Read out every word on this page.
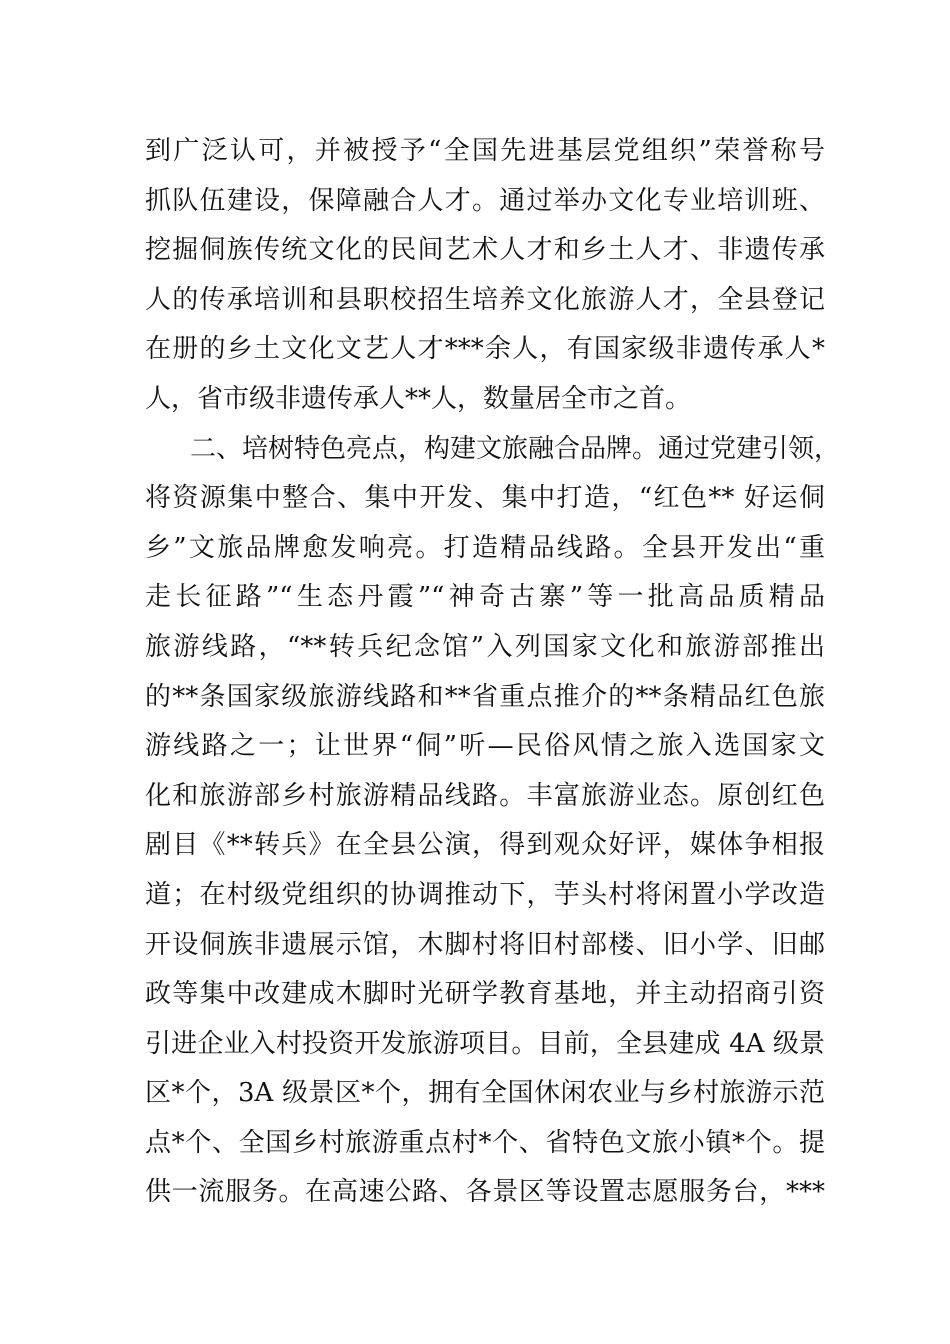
到广泛认可，并被授予“全国先进基层党组织”荣誉称号
抓队伍建设，保障融合人才。通过举办文化专业培训班、
挖掘侗族传统文化的民间艺术人才和乡土人才、非遗传承
人的传承培训和县职校招生培养文化旅游人才，全县登记
在册的乡土文化文艺人才***余人，有国家级非遗传承人*
人，省市级非遗传承人**人，数量居全市之首。
二、培树特色亮点，构建文旅融合品牌。通过党建引领，
将资源集中整合、集中开发、集中打造，“红色** 好运侗
乡”文旅品牌愈发响亮。打造精品线路。全县开发出“重
走长征路”“生态丹霞”“神奇古寨”等一批高品质精品
旅游线路，“**转兵纪念馆”入列国家文化和旅游部推出
的**条国家级旅游线路和**省重点推介的**条精品红色旅
游线路之一；让世界“侗”听—民俗风情之旅入选国家文
化和旅游部乡村旅游精品线路。丰富旅游业态。原创红色
剧目《**转兵》在全县公演，得到观众好评，媒体争相报
道；在村级党组织的协调推动下，芋头村将闲置小学改造
开设侗族非遗展示馆，木脚村将旧村部楼、旧小学、旧邮
政等集中改建成木脚时光研学教育基地，并主动招商引资
引进企业入村投资开发旅游项目。目前，全县建成 4A 级景
区*个，3A 级景区*个，拥有全国休闲农业与乡村旅游示范
点*个、全国乡村旅游重点村*个、省特色文旅小镇*个。提
供一流服务。在高速公路、各景区等设置志愿服务台，***
